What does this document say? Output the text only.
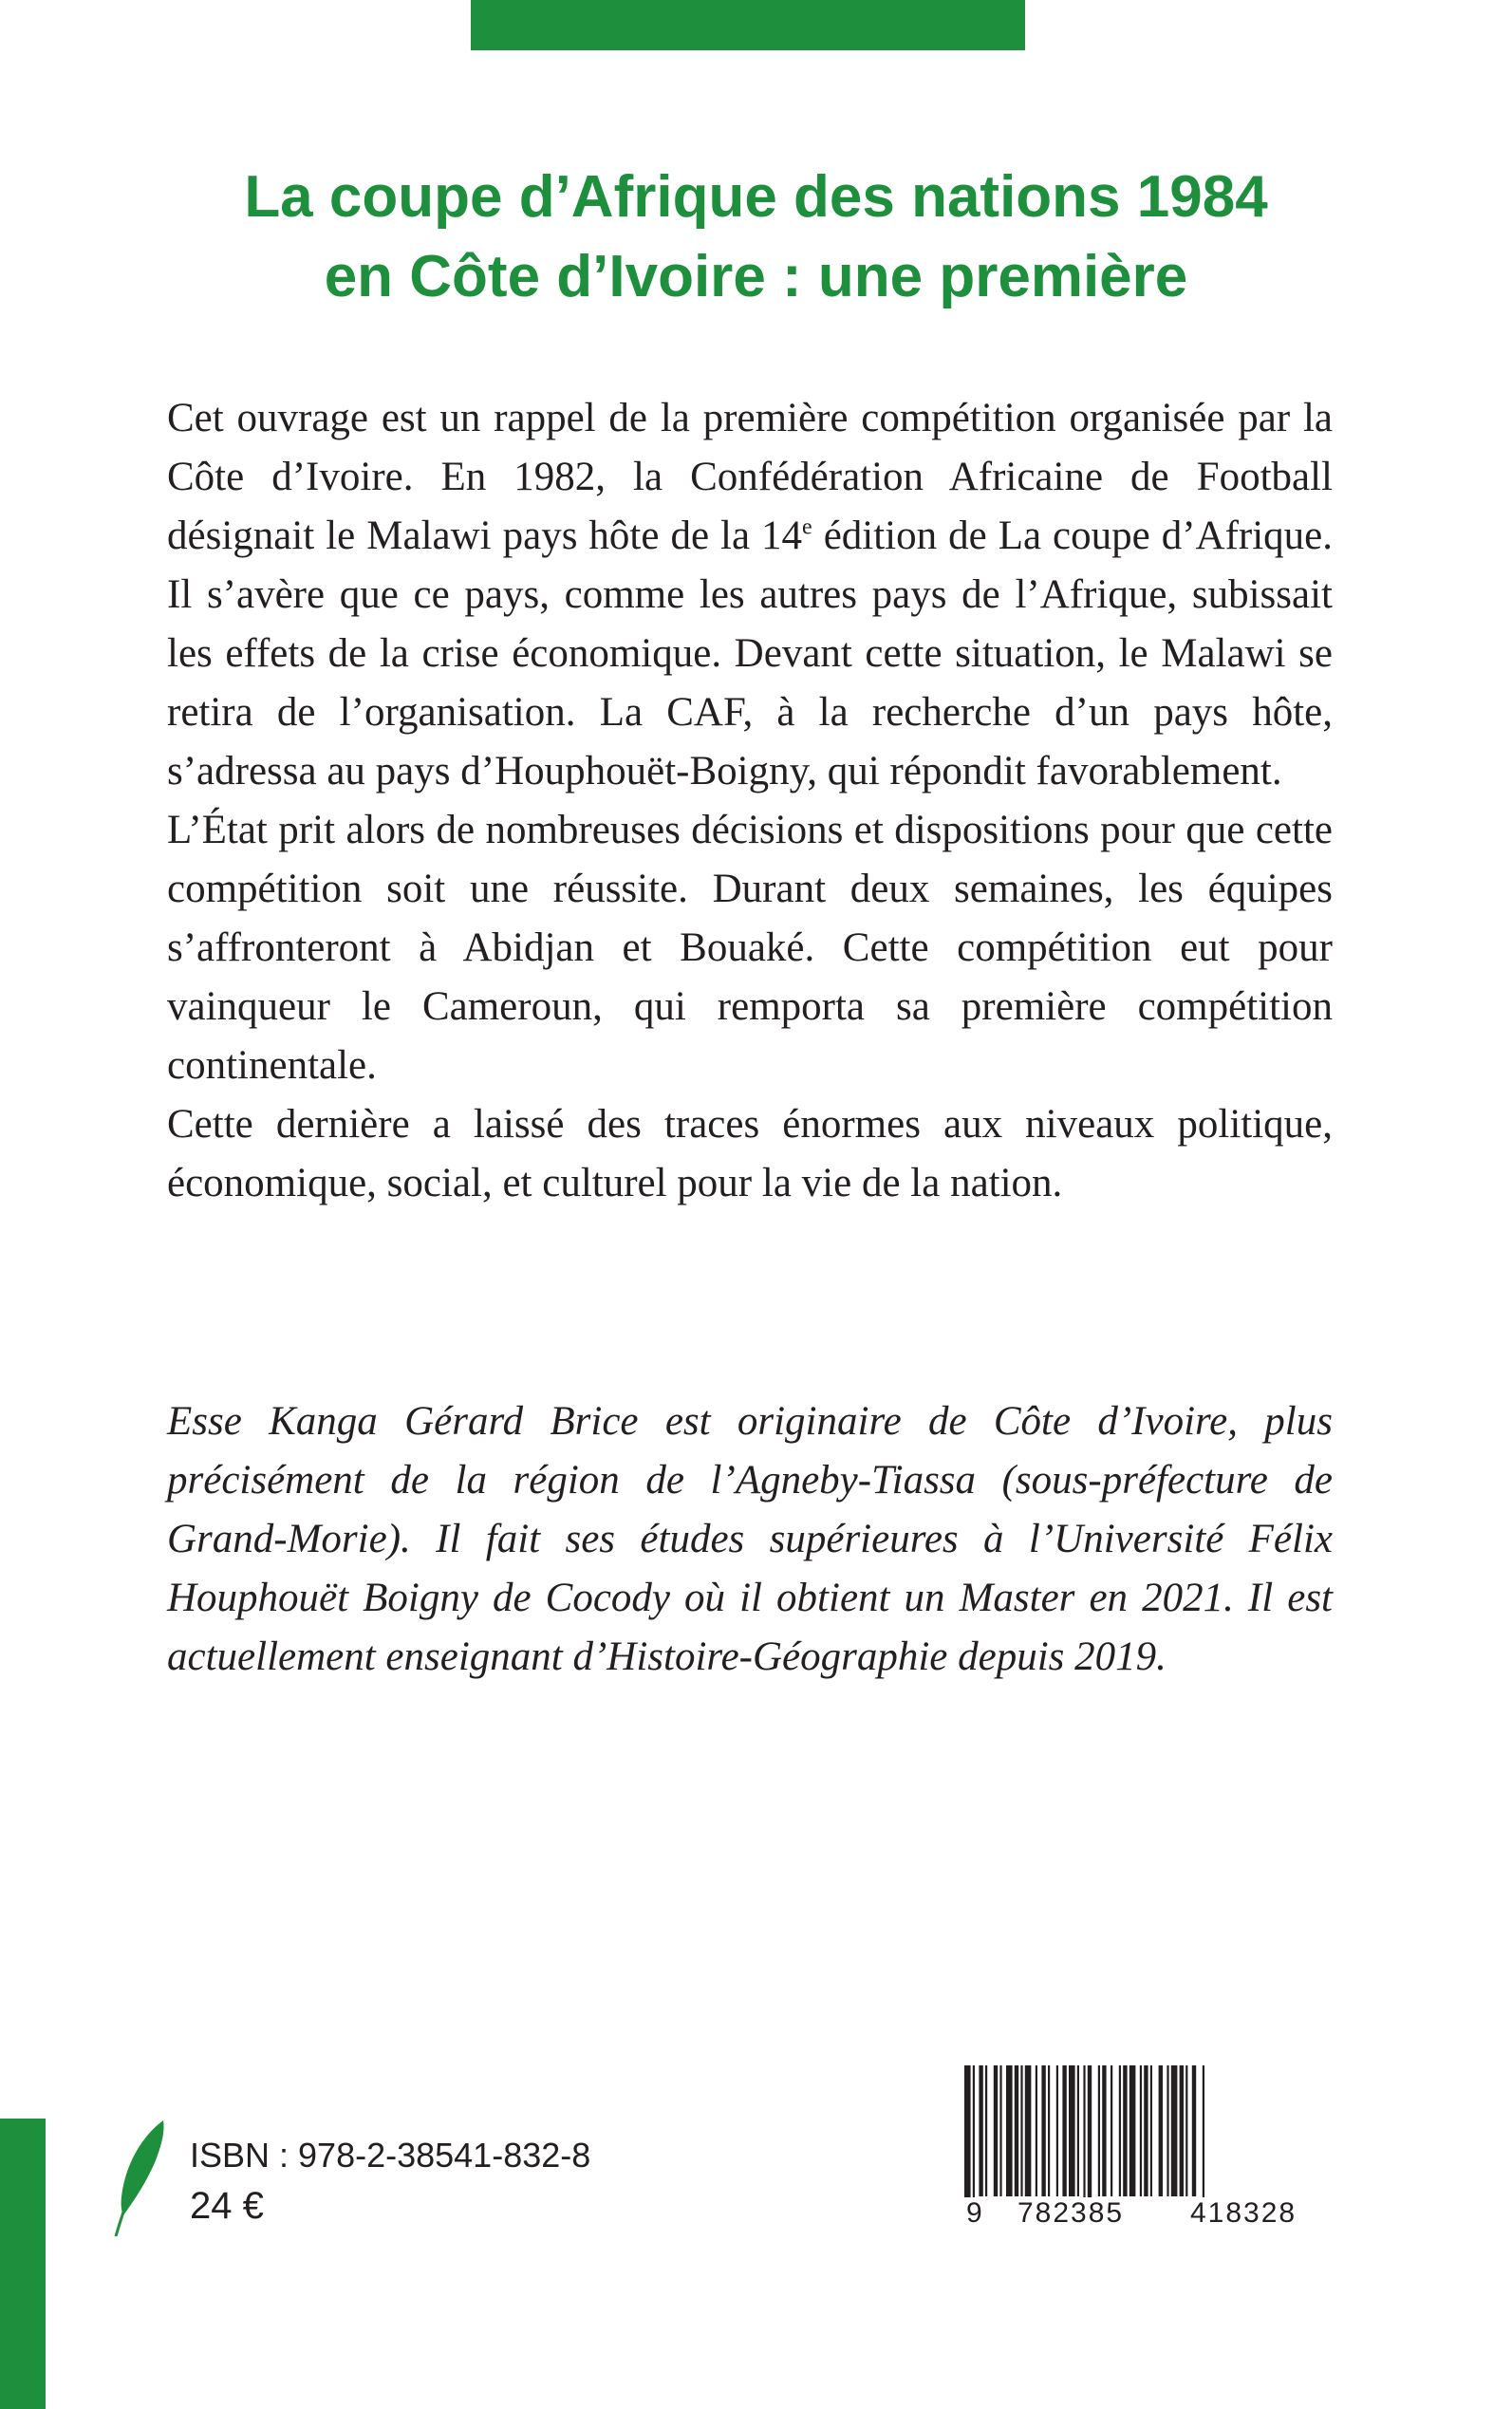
La coupe d’Afrique des nations 1984
en Côte d’Ivoire : une première

Cet ouvrage est un rappel de la première compétition organisée par la Côte d’Ivoire. En 1982, la Confédération Africaine de Football désignait le Malawi pays hôte de la 14e édition de La coupe d’Afrique. Il s’avère que ce pays, comme les autres pays de l’Afrique, subissait les effets de la crise économique. Devant cette situation, le Malawi se retira de l’organisation. La CAF, à la recherche d’un pays hôte, s’adressa au pays d’Houphouët-Boigny, qui répondit favorablement.

L’État prit alors de nombreuses décisions et dispositions pour que cette compétition soit une réussite. Durant deux semaines, les équipes s’affronteront à Abidjan et Bouaké. Cette compétition eut pour vainqueur le Cameroun, qui remporta sa première compétition continentale.

Cette dernière a laissé des traces énormes aux niveaux politique, économique, social, et culturel pour la vie de la nation.

Esse Kanga Gérard Brice est originaire de Côte d’Ivoire, plus précisément de la région de l’Agneby-Tiassa (sous-préfecture de Grand-Morie). Il fait ses études supérieures à l’Université Félix Houphouët Boigny de Cocody où il obtient un Master en 2021. Il est actuellement enseignant d’Histoire-Géographie depuis 2019.

ISBN : 978-2-38541-832-8
24 €	9 782385 418328
